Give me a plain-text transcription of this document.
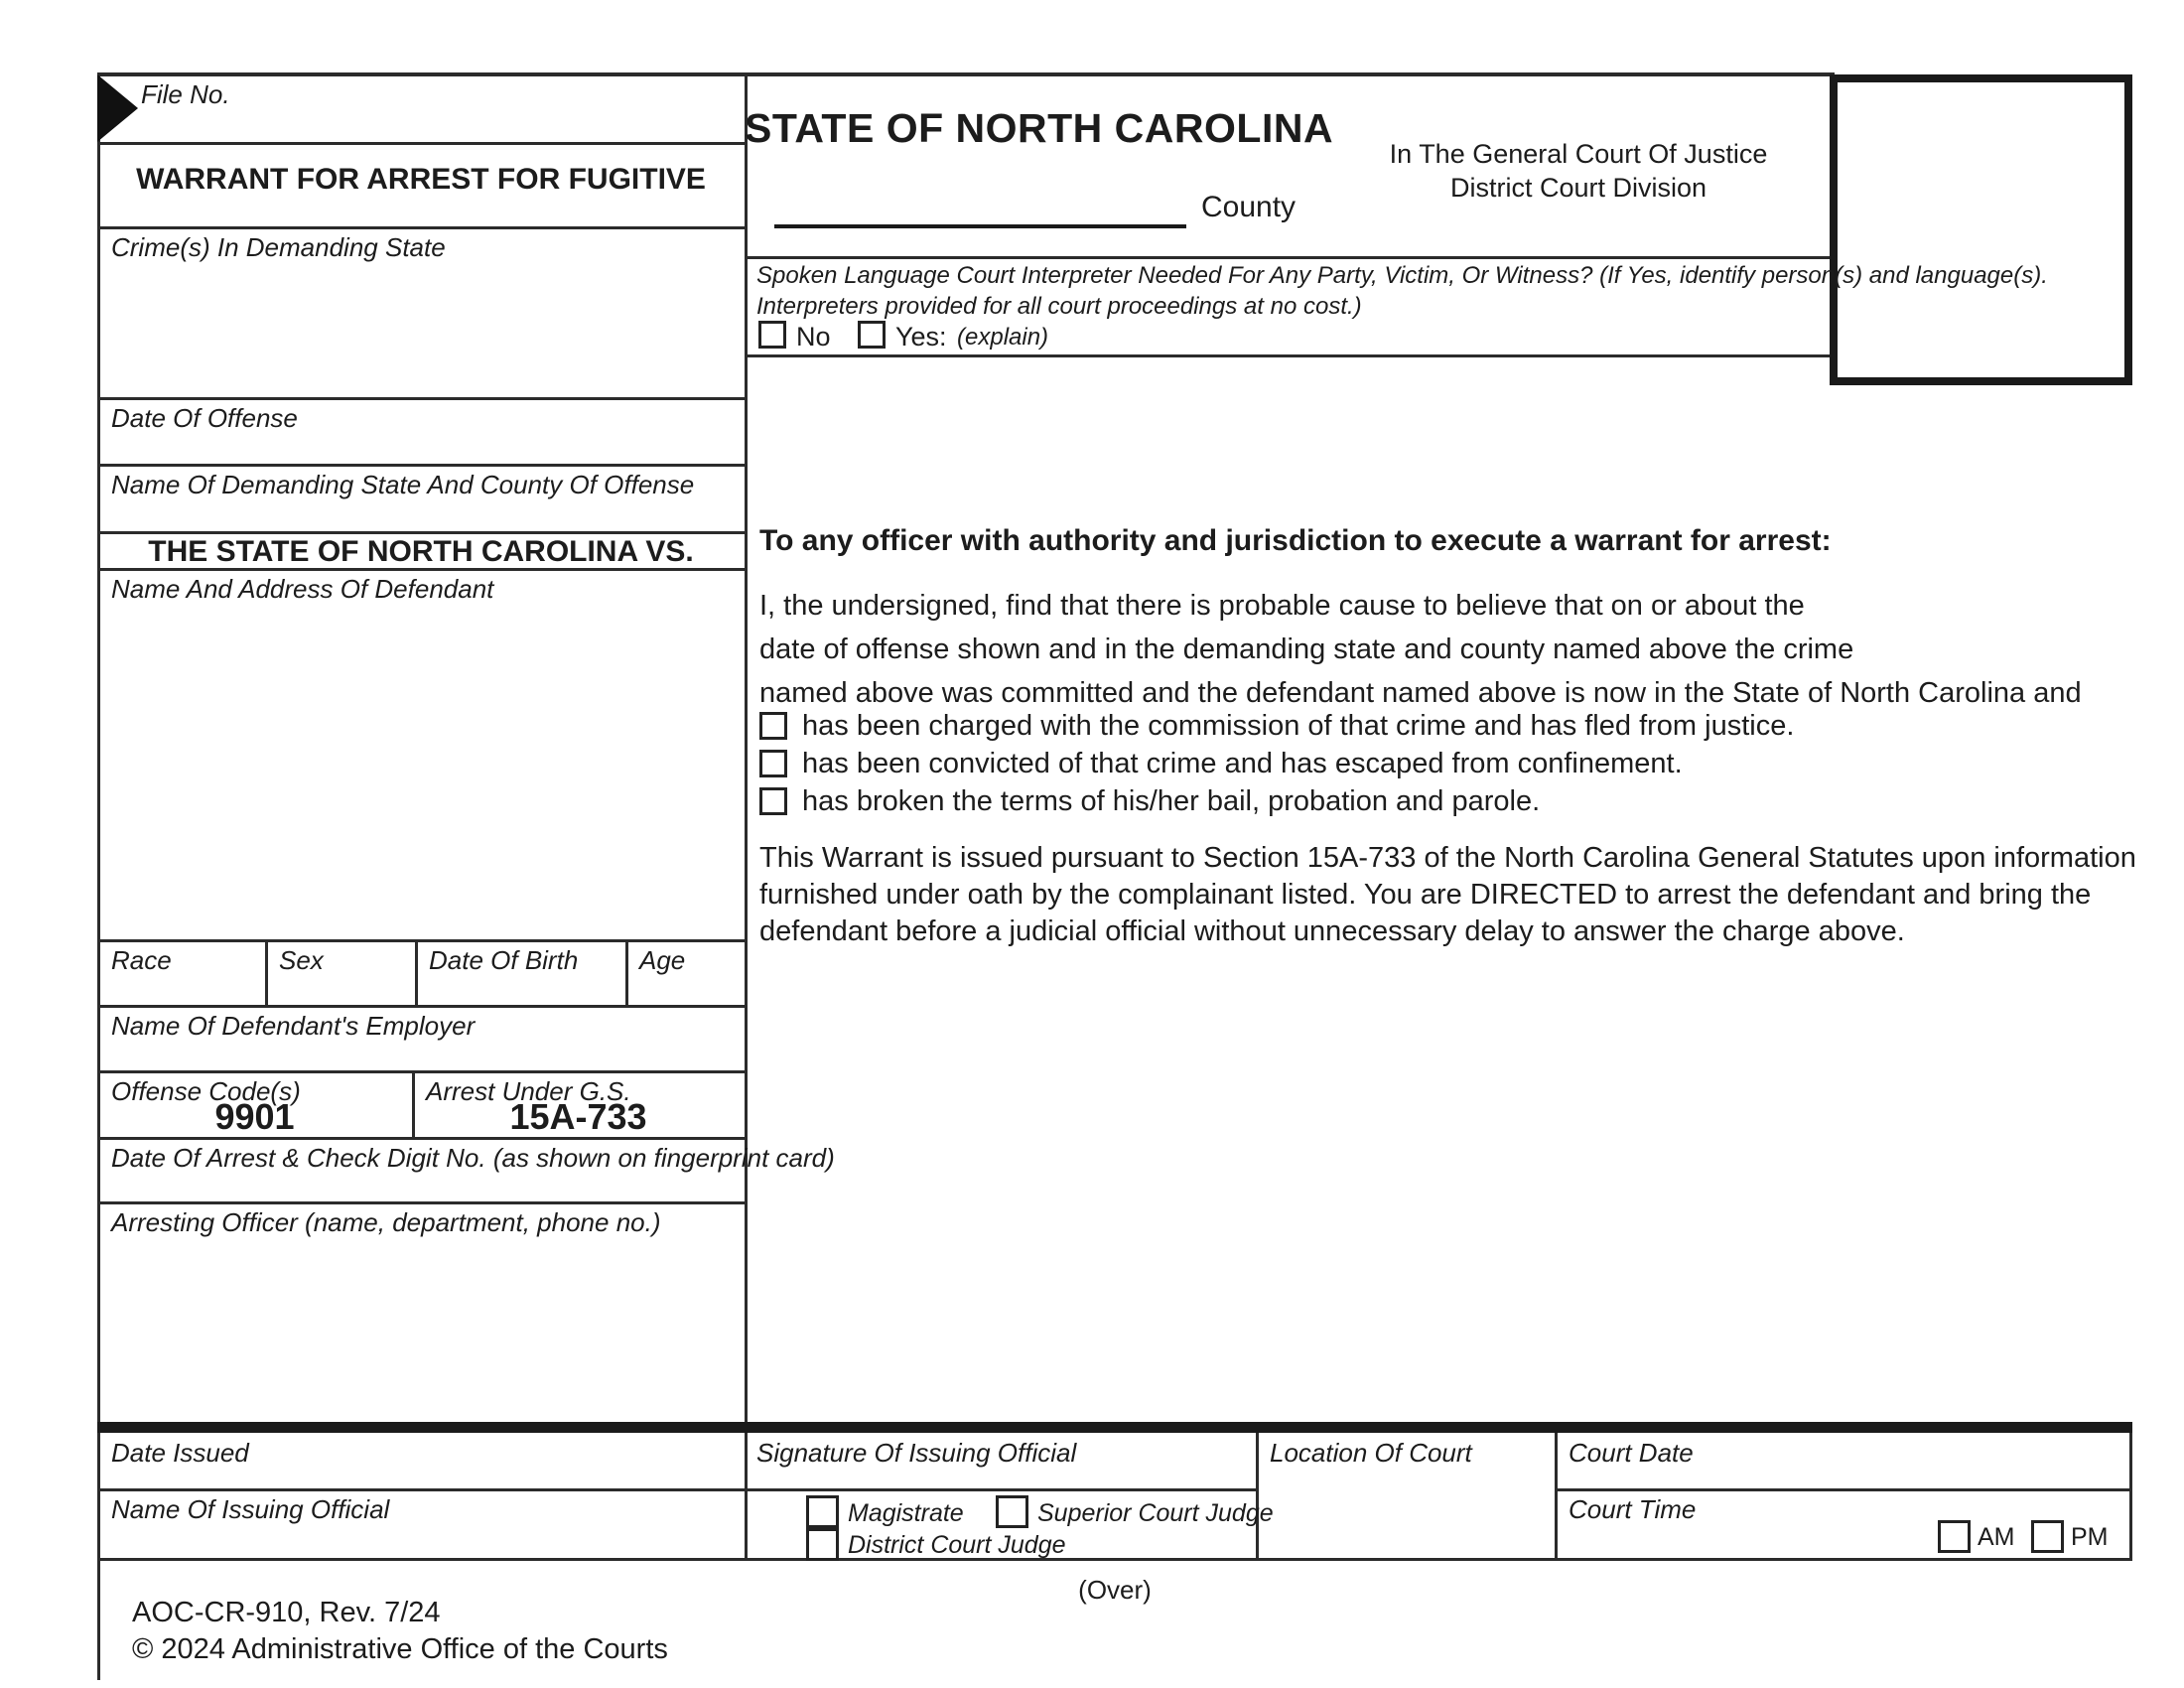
File No.
WARRANT FOR ARREST FOR FUGITIVE
STATE OF NORTH CAROLINA
In The General Court Of Justice
District Court Division
County
Spoken Language Court Interpreter Needed For Any Party, Victim, Or Witness? (If Yes, identify person(s) and language(s).
Interpreters provided for all court proceedings at no cost.)
No Yes: (explain)
Crime(s) In Demanding State
Date Of Offense
Name Of Demanding State And County Of Offense
THE STATE OF NORTH CAROLINA VS.
Name And Address Of Defendant
Race	Sex	Date Of Birth Age
Name Of Defendant's Employer
Offense Code(s)
9901
Arrest Under G.S.
15A-733
Date Of Arrest & Check Digit No. (as shown on fingerprint card)
Arresting Officer (name, department, phone no.)
To any officer with authority and jurisdiction to execute a warrant for arrest:
I, the undersigned, find that there is probable cause to believe that on or about the
date of offense shown and in the demanding state and county named above the crime
named above was committed and the defendant named above is now in the State of North Carolina and
has been charged with the commission of that crime and has fled from justice.
has been convicted of that crime and has escaped from confinement.
has broken the terms of his/her bail, probation and parole.
This Warrant is issued pursuant to Section 15A-733 of the North Carolina General Statutes upon information
furnished under oath by the complainant listed. You are DIRECTED to arrest the defendant and bring the
defendant before a judicial official without unnecessary delay to answer the charge above.
Date Issued
Name Of Issuing Official
Signature Of Issuing Official
Magistrate	Superior Court Judge
District Court Judge
Location Of Court	Court Date
Court Time
AM PM
(Over)
AOC-CR-910, Rev. 7/24
© 2024 Administrative Office of the Courts
